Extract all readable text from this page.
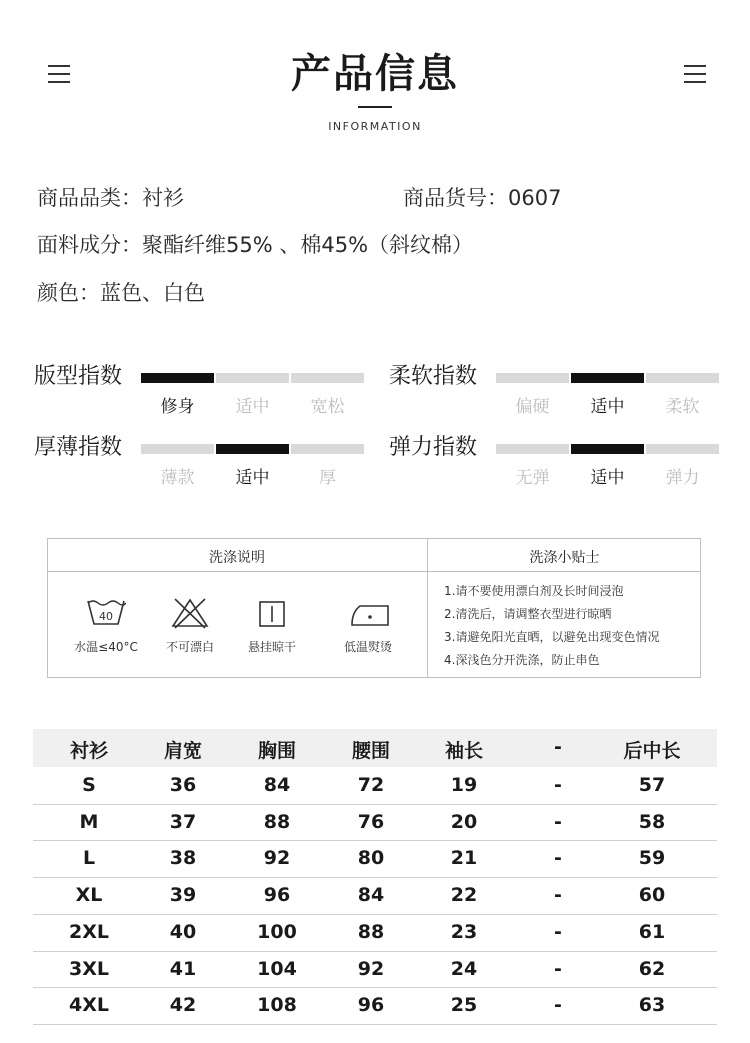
产品信息
INFORMATION
商品品类：衬衫	商品货号：0607
面料成分：聚酯纤维55% 、棉45%（斜纹棉）
颜色：蓝色、白色
版型指数
修身	适中	宽松
柔软指数
偏硬	适中	柔软
厚薄指数
薄款	适中	厚
弹力指数
无弹	适中	弹力
洗涤说明	洗涤小贴士
40
水温≤40°C	不可漂白	悬挂晾干	低温熨烫
1.请不要使用漂白剂及长时间浸泡
2.清洗后，请调整衣型进行晾晒
3.请避免阳光直晒，以避免出现变色情况
4.深浅色分开洗涤，防止串色
衬衫	肩宽	胸围	腰围	袖长	-	后中长
S	36	84	72	19	-	57
M	37	88	76	20	-	58
L	38	92	80	21	-	59
XL	39	96	84	22	-	60
2XL	40	100	88	23	-	61
3XL	41	104	92	24	-	62
4XL	42	108	96	25	-	63
